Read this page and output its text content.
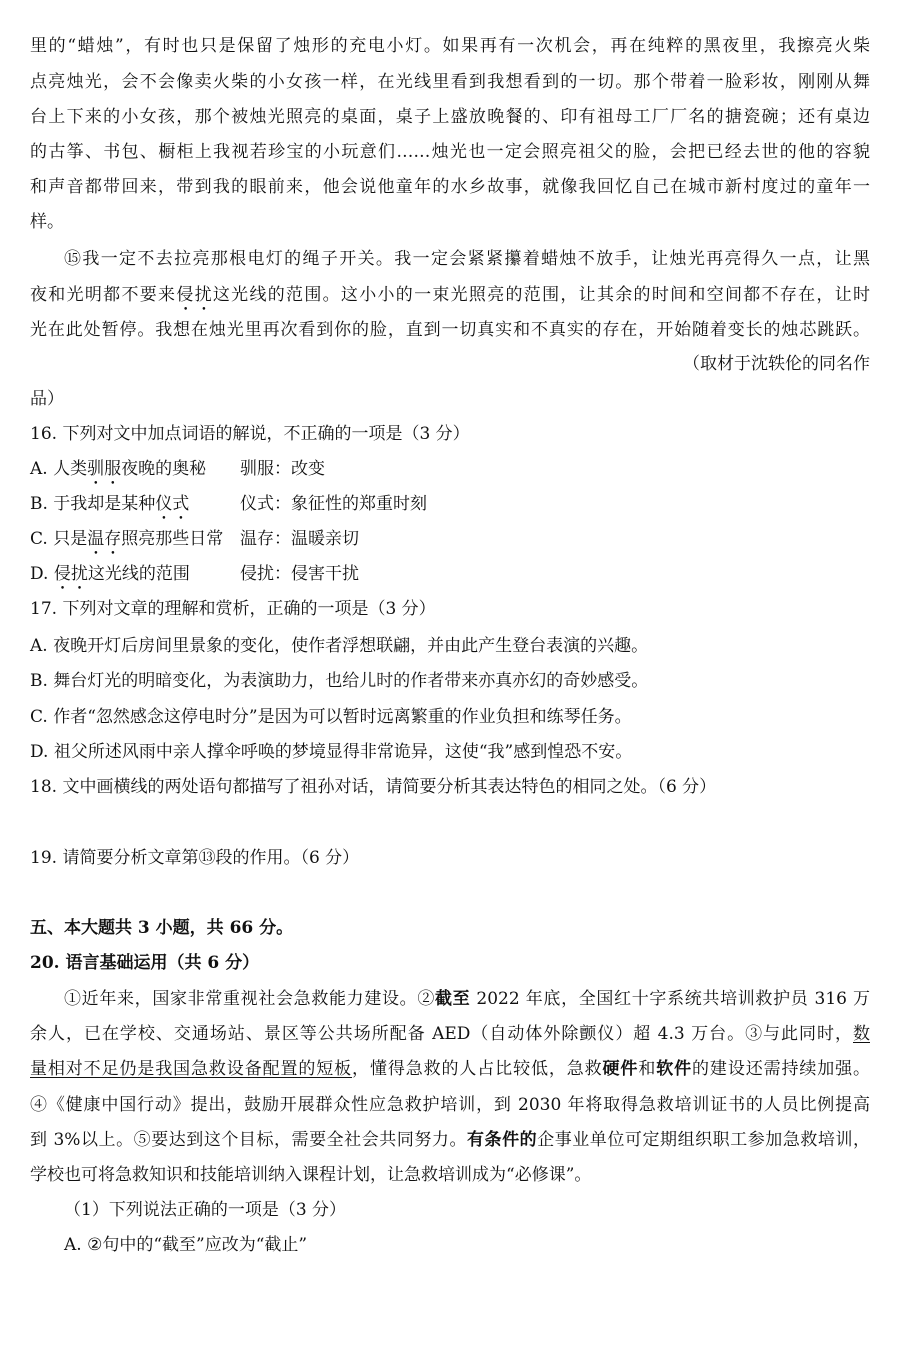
里的“蜡烛”，有时也只是保留了烛形的充电小灯。如果再有一次机会，再在纯粹的黑夜里，我擦亮火柴
点亮烛光，会不会像卖火柴的小女孩一样，在光线里看到我想看到的一切。那个带着一脸彩妆，刚刚从舞
台上下来的小女孩，那个被烛光照亮的桌面，桌子上盛放晚餐的、印有祖母工厂厂名的搪瓷碗；还有桌边
的古筝、书包、橱柜上我视若珍宝的小玩意们……烛光也一定会照亮祖父的脸，会把已经去世的他的容貌
和声音都带回来，带到我的眼前来，他会说他童年的水乡故事，就像我回忆自己在城市新村度过的童年一
样。
⑮我一定不去拉亮那根电灯的绳子开关。我一定会紧紧攥着蜡烛不放手，让烛光再亮得久一点，让黑
夜和光明都不要来侵扰这光线的范围。这小小的一束光照亮的范围，让其余的时间和空间都不存在，让时
光在此处暂停。我想在烛光里再次看到你的脸，直到一切真实和不真实的存在，开始随着变长的烛芯跳跃。
（取材于沈轶伦的同名作
品）
16. 下列对文中加点词语的解说，不正确的一项是（3 分）
A. 人类驯服夜晚的奥秘 驯服：改变
B. 于我却是某种仪式	仪式：象征性的郑重时刻
C. 只是温存照亮那些日常 温存：温暖亲切
D. 侵扰这光线的范围	侵扰：侵害干扰
17. 下列对文章的理解和赏析，正确的一项是（3 分）
A. 夜晚开灯后房间里景象的变化，使作者浮想联翩，并由此产生登台表演的兴趣。
B. 舞台灯光的明暗变化，为表演助力，也给儿时的作者带来亦真亦幻的奇妙感受。
C. 作者“忽然感念这停电时分”是因为可以暂时远离繁重的作业负担和练琴任务。
D. 祖父所述风雨中亲人撑伞呼唤的梦境显得非常诡异，这使“我”感到惶恐不安。
18. 文中画横线的两处语句都描写了祖孙对话，请简要分析其表达特色的相同之处。（6 分）
19. 请简要分析文章第⑬段的作用。（6 分）
五、本大题共 3 小题，共 66 分。
20. 语言基础运用（共 6 分）
①近年来，国家非常重视社会急救能力建设。②截至 2022 年底，全国红十字系统共培训救护员 316 万
余人，已在学校、交通场站、景区等公共场所配备 AED（自动体外除颤仪）超 4.3 万台。③与此同时，数
量相对不足仍是我国急救设备配置的短板，懂得急救的人占比较低，急救硬件和软件的建设还需持续加强。
④《健康中国行动》提出，鼓励开展群众性应急救护培训，到 2030 年将取得急救培训证书的人员比例提高
到 3%以上。⑤要达到这个目标，需要全社会共同努力。有条件的企事业单位可定期组织职工参加急救培训，
学校也可将急救知识和技能培训纳入课程计划，让急救培训成为“必修课”。
（1）下列说法正确的一项是（3 分）
A. ②句中的“截至”应改为“截止”
